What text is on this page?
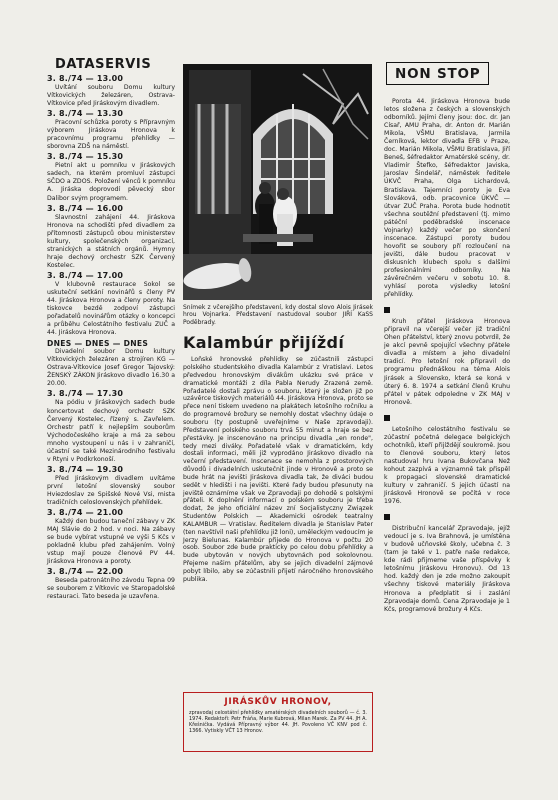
DATASERVIS
3. 8./74 — 13.00

Uvítání souboru Domu kultury Vítkovických železáren, Ostrava-Vítkovice před Jiráskovým divadlem.

3. 8./74 — 13.30

Pracovní schůzka poroty s Přípravným výborem Jiráskova Hronova k pracovnímu programu přehlídky — sborovna ZDŠ na náměstí.

3. 8./74 — 15.30

Pietní akt u pomníku v Jiráskových sadech, na kterém promluví zástupci SČDO a ZDOS. Položení věnců k pomníku A. Jiráska doprovodí pěvecký sbor Dalibor svým programem.

3. 8./74 — 16.00

Slavnostní zahájení 44. Jiráskova Hronova na schodišti před divadlem za přítomnosti zástupců obou ministerstev kultury, společenských organizací, stranických a státních orgánů. Hymny hraje dechový orchestr SZK Červený Kostelec.

3. 8./74 — 17.00

V klubovně restaurace Sokol se uskuteční setkání novinářů s členy PV 44. Jiráskova Hronova a členy poroty. Na tiskovce bezdě zodpoví zástupci pořadatelů novinářům otázky o koncepci a průběhu Celostátního festivalu ZUČ a 44. Jiráskova Hronova.

DNES — DNES — DNES

Divadelní soubor Domu kultury Vítkovických železáren a strojíren KG — Ostrava-Vítkovice Josef Gregor Tajovský: ŽENSKÝ ZÁKON Jiráskovo divadlo 16.30 a 20.00.

3. 8./74 — 17.30

Na pódiu v Jiráskových sadech bude koncertovat dechový orchestr SZK Červený Kostelec, řízený s. Zavřelem. Orchestr patří k nejlepším souborům Východočeského kraje a má za sebou mnoho vystoupení u nás i v zahraničí, účastní se také Mezinárodního festivalu v Rtyni v Podkrkonoší.

3. 8./74 — 19.30

Před Jiráskovým divadlem uvítáme první letošní slovenský soubor Hviezdoslav ze Spišské Nové Vsi, mista tradičních celoslovenských přehlídek.

3. 8./74 — 21.00

Každý den budou taneční zábavy v ZK MAJ Slávie do 2 hod. v noci. Na zábavy se bude vybírat vstupné ve výši 5 Kčs v pokladně klubu před zahájením. Volný vstup mají pouze členové PV 44. Jiráskova Hronova a poroty.

3. 8./74 — 22.00

Beseda patronátního závodu Tepna 09 se souborem z Vítkovic ve Staropadolské restauraci. Tato beseda je uzavřena.

Snímek z včerejšího představení, kdy dostal slovo Alois Jirásek hrou Vojnarka. Představení nastudoval soubor JIŘÍ KaSS Poděbrady.
Kalambúr přijíždí

Loňské hronovské přehlídky se zúčastnili zástupci polského studentského divadla Kalambúr z Vratislavi. Letos předvedou hronovským divákům ukázku své práce v dramatické montáži z díla Pabla Nerudy Zrazená země. Pořadatelé dostali zprávu o souboru, který je složen již po uzávěrce tiskových materiálů 44. Jiráskova Hronova, proto se přece není tiskem uvedeno na plakátech letošního ročníku a do programové brožury se nemohly dostat všechny údaje o souboru (ty postupně uveřejníme v Naše zpravodaji). Představení polského souboru trvá 55 minut a hraje se bez přestávky. Je inscenováno na principu divadla „en ronde", tedy mezi diváky. Pořadatelé však v dramatickém, kdy dostali informaci, měli již vyprodáno Jiráskovo divadlo na večerní představení. Inscenace se nemohla z prostorových důvodů i divadelních uskutečnit jinde v Hronově a proto se bude hrát na jevišti Jiráskova divadla tak, že diváci budou sedět v hledišti i na jevišti. Které řady budou přesunuty na jeviště oznámíme však ve Zpravodaji po dohodě s polskými přáteli. K doplnění informací o polském souboru je třeba dodat, že jeho oficiální název zní Socjalistyczny Związek Studentów Polskich — Akademicki ośrodek teatralny KALAMBUR — Vratislav. Ředitelem divadla je Stanislav Pater (ten navštívil naši přehlídku již loni), uměleckým vedoucím je Jerzy Bielunas. Kalambúr přijede do Hronova v počtu 20 osob. Soubor zde bude prakticky po celou dobu přehlídky a bude ubytován v nových ubytovnách pod sokolovnou. Přejeme našim přátelům, aby se jejich divadelní zájmové pobyt líbilo, aby se zúčastnili přijetí náročného hronovského publika.

JIRÁSKŮV HRONOV,
zpravodaj celostátní přehlídky amatérských divadelních souborů — č. 3. 1974. Redaktoři: Petr Fráňa, Marie Kubrová, Milan Marek. Za PV 44. JH A. Křešnička. Vydává Přípravný výbor 44. JH. Povoleno VČ KNV pod č. 1366. Vytiskly VČT 13 Hronov.
NON STOP

Porota 44. Jiráskova Hronova bude letos složena z českých a slovenských odborníků. Jejími členy jsou: doc. dr. Jan Císař, AMU Praha, dr. Anton dr. Marián Mikola, VŠMU Bratislava, Jarmila Černíková, lektor divadla EFB v Praze, doc. Marián Mikola, VŠMU Bratislava, Jiří Beneš, šéfredaktor Amatérské scény, dr. Vladimír Štefko, šéfredaktor Javiska, Jaroslav Šindelář, náměstek ředitele ÚKVČ Praha, Olga Lichardová, Bratislava. Tajemníci poroty je Eva Slováková, odb. pracovnice ÚKVČ — útvar ZUČ Praha. Porota bude hodnotit všechna soutěžní představení (tj. mimo pátéční poděbradské inscenace Vojnarky) každý večer po skončení inscenace. Zástupci poroty budou hovořit se soubory pří rozloučení na jevišti, dále budou pracovat v diskusních klubech spolu s dalšími profesionálními odborníky. Na závěrečném večeru v sobotu 10. 8. vyhlásí porota výsledky letošní přehlídky.

Kruh přátel Jiráskova Hronova připravil na včerejší večer již tradiční Ohen přátelství, který znovu potvrdil, že je akcí pevně spojující všechny přátele divadla a místem a jeho divadelní tradicí. Pro letošní rok připravil do programu přednáškou na téma Alois Jirásek a Slovensko, která se koná v úterý 6. 8. 1974 a setkání členů Kruhu přátel v pátek odpoledne v ZK MAJ v Hronově.

Letošního celostátního festivalu se zúčastní početná delegace belgických ochotníků, kteří přijíždějí soukromě. Jsou to členové souboru, který letos nastudoval hru Ivana Bukovčana Než kohout zazpívá a významně tak přispěl k propagaci slovenské dramatické kultury v zahraničí. S jejich účastí na Jiráskově Hronově se počítá v roce 1976.

Distribuční kancelář Zpravodaje, jejíž vedoucí je s. Iva Brahnová, je umístěna v budově učňovské školy, učebna č. 3 (tam je také v 1. patře naše redakce, kde rádi přijmeme vaše příspěvky k letošnímu Jiráskovu Hronovu). Od 13 hod. každý den je zde možno zakoupit všechny tiskové materiály Jiráskova Hronova a předplatit si i zaslání Zpravodaje domů. Cena Zpravodaje je 1 Kčs, programové brožury 4 Kčs.
